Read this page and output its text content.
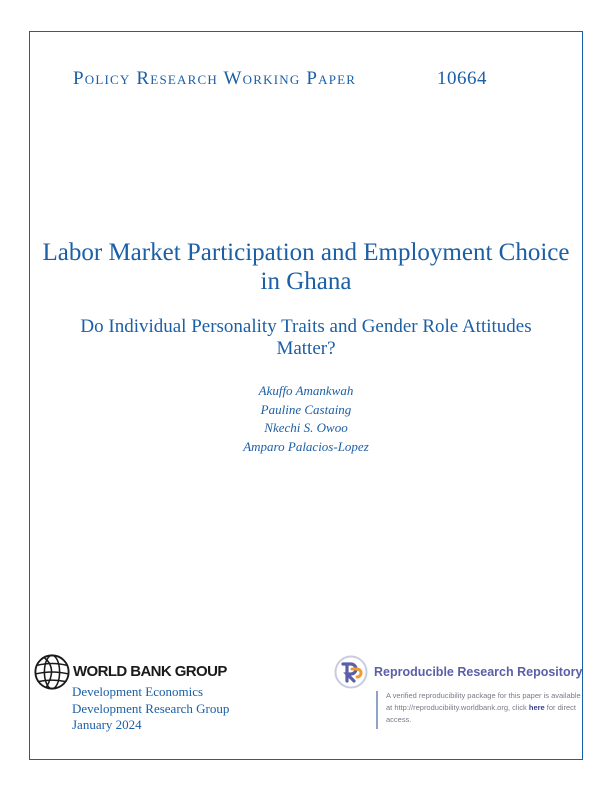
Policy Research Working Paper	10664
Labor Market Participation and Employment Choice in Ghana
Do Individual Personality Traits and Gender Role Attitudes Matter?
Akuffo Amankwah
Pauline Castaing
Nkechi S. Owoo
Amparo Palacios-Lopez
WORLD BANK GROUP
Development Economics
Development Research Group
January 2024
Reproducible Research Repository
A verified reproducibility package for this paper is available at http://reproducibility.worldbank.org, click here for direct access.
